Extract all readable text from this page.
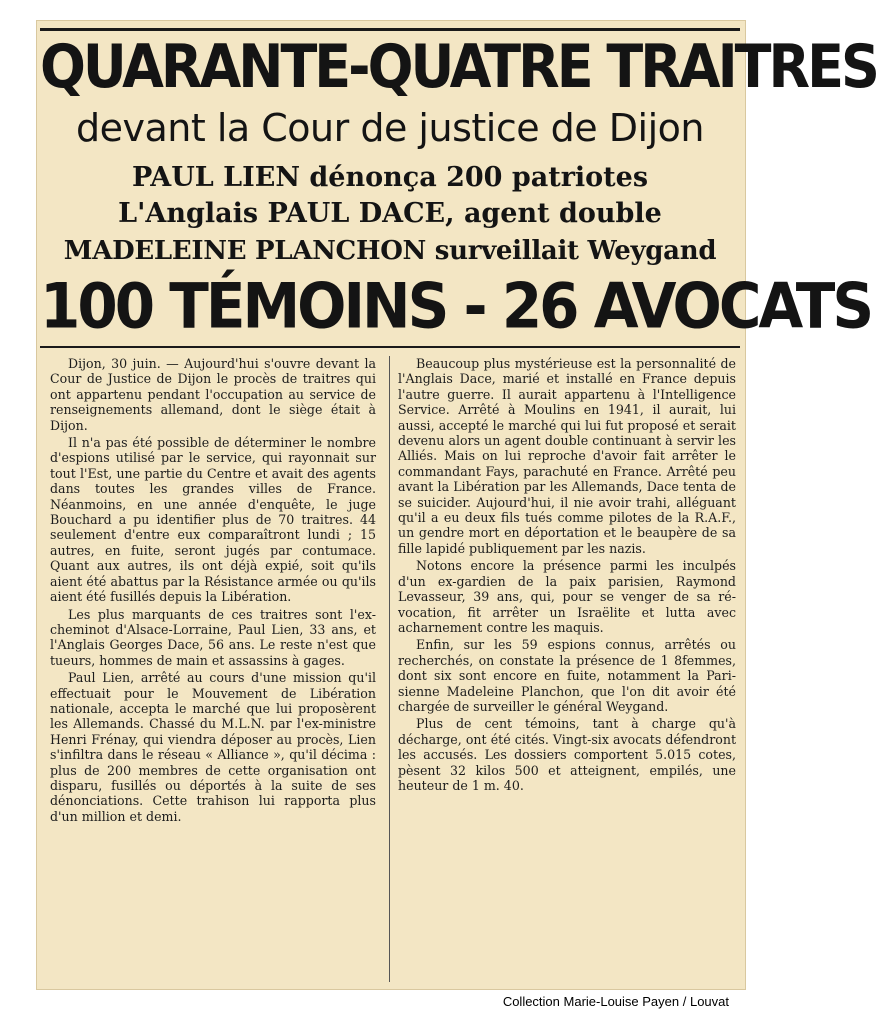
QUARANTE-QUATRE TRAITRES
devant la Cour de justice de Dijon
PAUL LIEN dénonça 200 patriotes
L'Anglais PAUL DACE, agent double
MADELEINE PLANCHON surveillait Weygand
100 TÉMOINS - 26 AVOCATS

Dijon, 30 juin. — Aujourd'hui s'ouvre devant la Cour de Justice de Dijon le procès de traitres qui ont appartenu pendant l'occupation au service de renseignements allemand, dont le siège était à Dijon.

Il n'a pas été possible de déterminer le nombre d'espions utilisé par le service, qui rayonnait sur tout l'Est, une partie du Centre et avait des agents dans toutes les grandes villes de France. Néanmoins, en une année d'enquête, le juge Bouchard a pu identifier plus de 70 traitres. 44 seulement d'entre eux comparaîtront lundi ; 15 autres, en fuite, seront jugés par contumace. Quant aux autres, ils ont déjà expié, soit qu'ils aient été abattus par la Résistance armée ou qu'ils aient été fusillés depuis la Libération.

Les plus marquants de ces traitres sont l'ex-cheminot d'Alsace-Lorraine, Paul Lien, 33 ans, et l'Anglais Georges Dace, 56 ans. Le reste n'est que tueurs, hommes de main et assassins à gages.

Paul Lien, arrêté au cours d'une mission qu'il effectuait pour le Mouvement de Libération nationale, accepta le marché que lui proposèrent les Allemands. Chassé du M.L.N. par l'ex-ministre Henri Frénay, qui viendra déposer au procès, Lien s'infiltra dans le réseau « Alliance », qu'il décima : plus de 200 membres de cette organisation ont disparu, fusillés ou déportés à la suite de ses dénonciations. Cette trahison lui rapporta plus d'un million et demi.

Beaucoup plus mystérieuse est la personnalité de l'Anglais Dace, marié et installé en France depuis l'autre guerre. Il aurait appartenu à l'Intelligence Service. Arrêté à Moulins en 1941, il aurait, lui aussi, accepté le marché qui lui fut proposé et serait devenu alors un agent double continuant à servir les Alliés. Mais on lui reproche d'avoir fait arrêter le commandant Fays, parachuté en France. Arrêté peu avant la Libération par les Allemands, Dace tenta de se suicider. Aujourd'hui, il nie avoir trahi, alléguant qu'il a eu deux fils tués comme pilotes de la R.A.F., un gendre mort en déportation et le beaupère de sa fille lapidé publiquement par les nazis.

Notons encore la présence parmi les inculpés d'un ex-gardien de la paix parisien, Raymond Levasseur, 39 ans, qui, pour se venger de sa révocation, fit arrêter un Israëlite et lutta avec acharnement contre les maquis.

Enfin, sur les 59 espions connus, arrêtés ou recherchés, on constate la présence de 1 8femmes, dont six sont encore en fuite, notamment la Parisienne Madeleine Planchon, que l'on dit avoir été chargée de surveiller le général Weygand.

Plus de cent témoins, tant à charge qu'à décharge, ont été cités. Vingt-six avocats défendront les accusés. Les dossiers comportent 5.015 cotes, pèsent 32 kilos 500 et atteignent, empilés, une heuteur de 1 m. 40.

Collection Marie-Louise Payen / Louvat
